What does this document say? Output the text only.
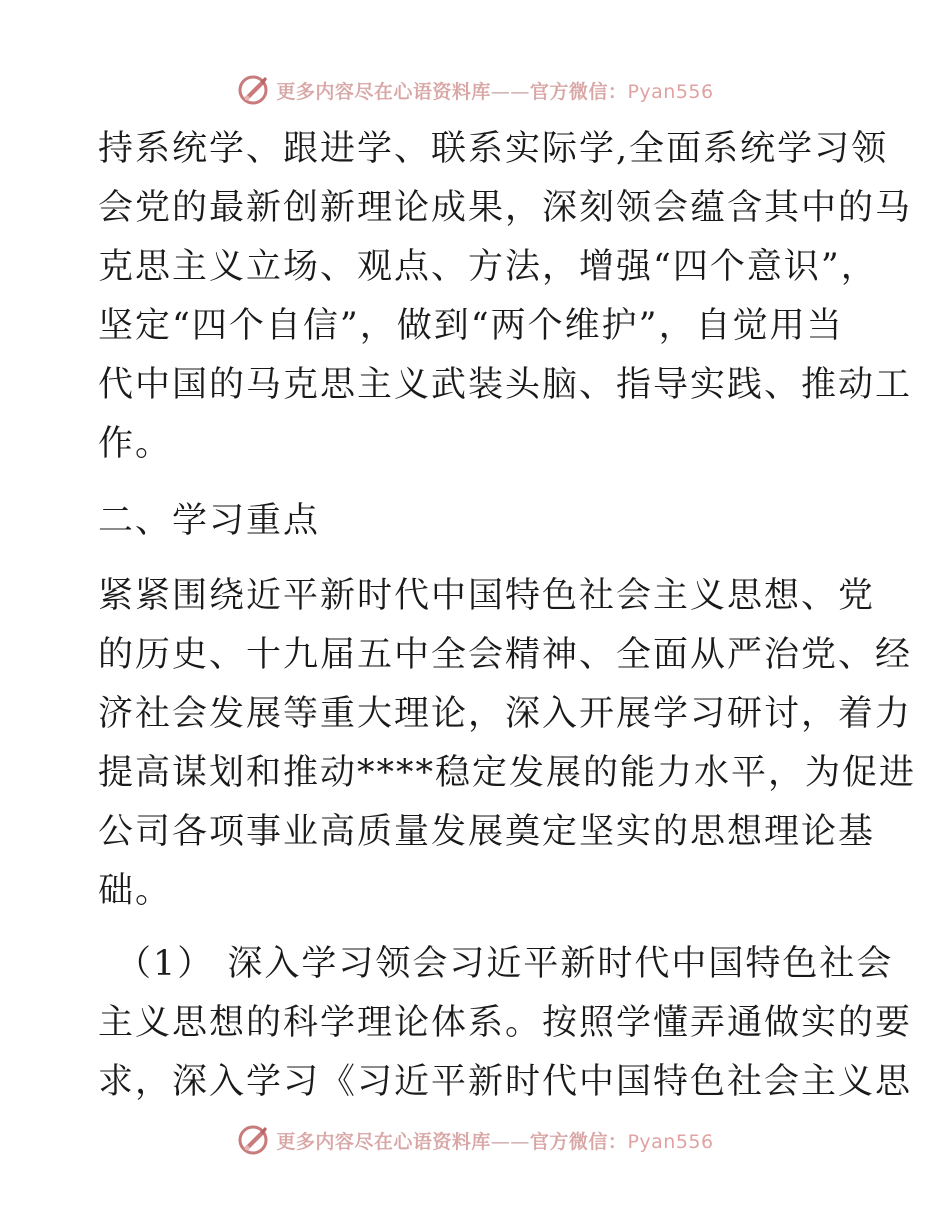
更多内容尽在心语资料库——官方微信：Pyan556
持系统学、跟进学、联系实际学,全面系统学习领
会党的最新创新理论成果，深刻领会蕴含其中的马
克思主义立场、观点、方法，增强“四个意识”，
坚定“四个自信”，做到“两个维护”，自觉用当
代中国的马克思主义武装头脑、指导实践、推动工
作。
二、学习重点
紧紧围绕近平新时代中国特色社会主义思想、党
的历史、十九届五中全会精神、全面从严治党、经
济社会发展等重大理论，深入开展学习研讨，着力
提高谋划和推动****稳定发展的能力水平，为促进
公司各项事业高质量发展奠定坚实的思想理论基
础。
（1） 深入学习领会习近平新时代中国特色社会
主义思想的科学理论体系。按照学懂弄通做实的要
求，深入学习《习近平新时代中国特色社会主义思
更多内容尽在心语资料库——官方微信：Pyan556
